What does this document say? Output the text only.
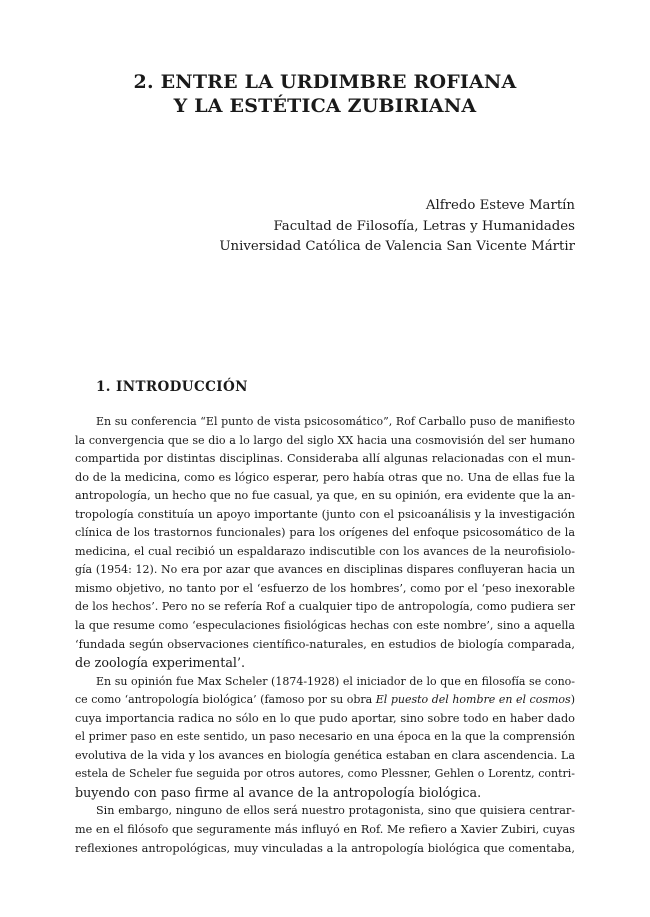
2. ENTRE LA URDIMBRE ROFIANA
Y LA ESTÉTICA ZUBIRIANA
Alfredo Esteve Martín
Facultad de Filosofía, Letras y Humanidades
Universidad Católica de Valencia San Vicente Mártir
1. INTRODUCCIÓN
En su conferencia “El punto de vista psicosomático”, Rof Carballo puso de manifiesto
la convergencia que se dio a lo largo del siglo XX hacia una cosmovisión del ser humano
compartida por distintas disciplinas. Consideraba allí algunas relacionadas con el mun-
do de la medicina, como es lógico esperar, pero había otras que no. Una de ellas fue la
antropología, un hecho que no fue casual, ya que, en su opinión, era evidente que la an-
tropología constituía un apoyo importante (junto con el psicoanálisis y la investigación
clínica de los trastornos funcionales) para los orígenes del enfoque psicosomático de la
medicina, el cual recibió un espaldarazo indiscutible con los avances de la neurofisiolo-
gía (1954: 12). No era por azar que avances en disciplinas dispares confluyeran hacia un
mismo objetivo, no tanto por el ‘esfuerzo de los hombres’, como por el ‘peso inexorable
de los hechos’. Pero no se refería Rof a cualquier tipo de antropología, como pudiera ser
la que resume como ‘especulaciones fisiológicas hechas con este nombre’, sino a aquella
‘fundada según observaciones científico-naturales, en estudios de biología comparada,
de zoología experimental’.
En su opinión fue Max Scheler (1874-1928) el iniciador de lo que en filosofía se cono-
ce como ‘antropología biológica’ (famoso por su obra El puesto del hombre en el cosmos)
cuya importancia radica no sólo en lo que pudo aportar, sino sobre todo en haber dado
el primer paso en este sentido, un paso necesario en una época en la que la comprensión
evolutiva de la vida y los avances en biología genética estaban en clara ascendencia. La
estela de Scheler fue seguida por otros autores, como Plessner, Gehlen o Lorentz, contri-
buyendo con paso firme al avance de la antropología biológica.
Sin embargo, ninguno de ellos será nuestro protagonista, sino que quisiera centrar-
me en el filósofo que seguramente más influyó en Rof. Me refiero a Xavier Zubiri, cuyas
reflexiones antropológicas, muy vinculadas a la antropología biológica que comentaba,
